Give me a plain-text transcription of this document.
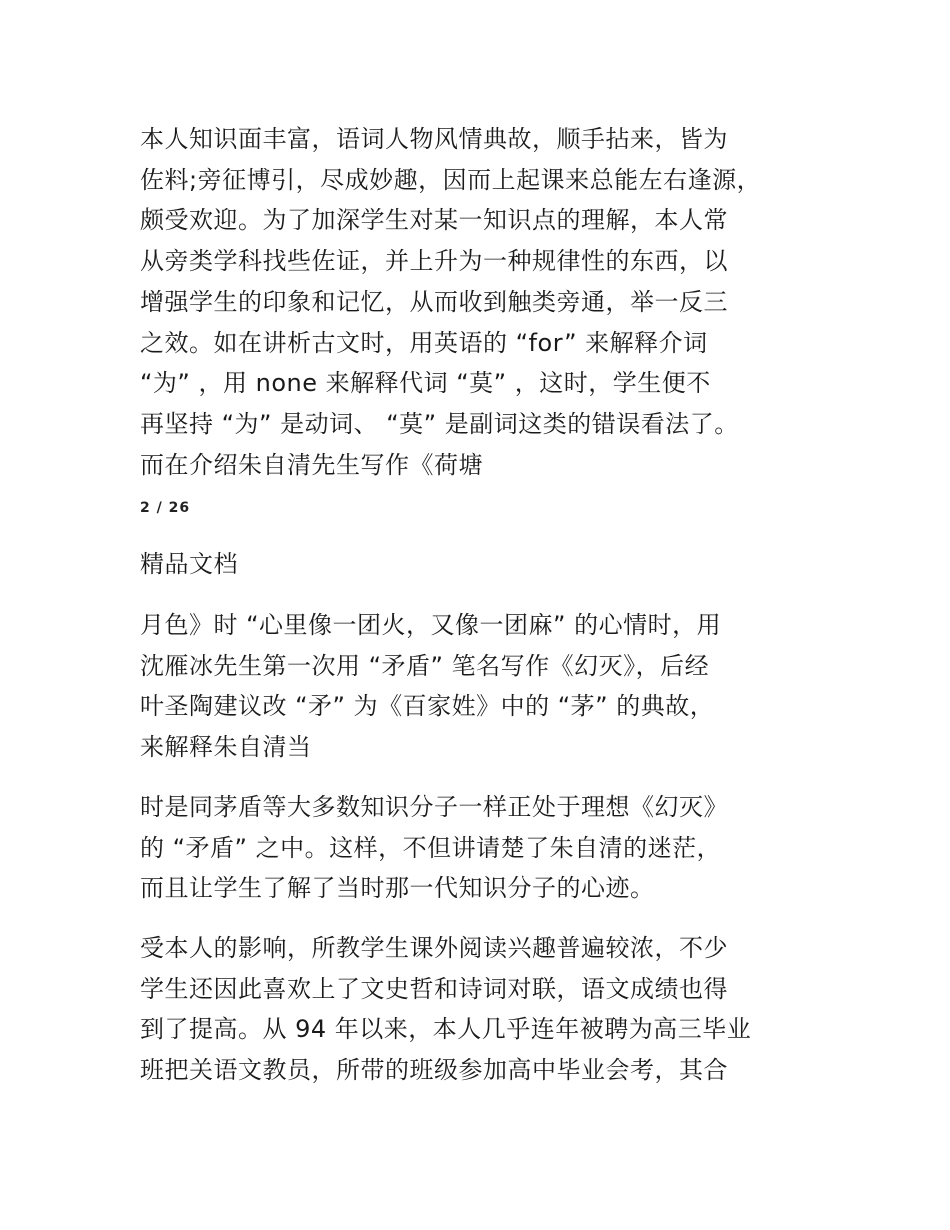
本人知识面丰富，语词人物风情典故，顺手拈来，皆为
佐料;旁征博引，尽成妙趣，因而上起课来总能左右逢源，
颇受欢迎。为了加深学生对某一知识点的理解，本人常
从旁类学科找些佐证，并上升为一种规律性的东西，以
增强学生的印象和记忆，从而收到触类旁通，举一反三
之效。如在讲析古文时，用英语的 “for” 来解释介词
“为” ，用 none 来解释代词 “莫” ，这时，学生便不
再坚持 “为” 是动词、 “莫” 是副词这类的错误看法了。
而在介绍朱自清先生写作《荷塘
2 / 26
精品文档
月色》时 “心里像一团火，又像一团麻” 的心情时，用
沈雁冰先生第一次用 “矛盾” 笔名写作《幻灭》，后经
叶圣陶建议改 “矛” 为《百家姓》中的 “茅” 的典故，
来解释朱自清当
时是同茅盾等大多数知识分子一样正处于理想《幻灭》
的 “矛盾” 之中。这样，不但讲请楚了朱自清的迷茫，
而且让学生了解了当时那一代知识分子的心迹。
受本人的影响，所教学生课外阅读兴趣普遍较浓，不少
学生还因此喜欢上了文史哲和诗词对联，语文成绩也得
到了提高。从 94 年以来，本人几乎连年被聘为高三毕业
班把关语文教员，所带的班级参加高中毕业会考，其合
